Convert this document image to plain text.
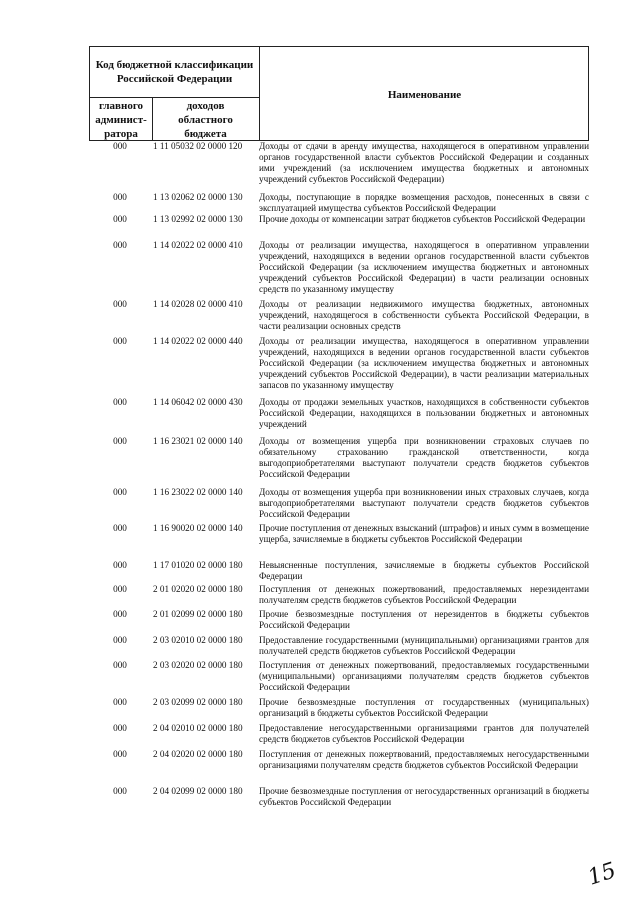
Код бюджетной классификации Российской Федерации
главного админист-ратора
доходов областного бюджета
Наименование
000	1 11 05032 02 0000 120	Доходы от сдачи в аренду имущества, находящегося в оперативном управлении органов государственной власти субъектов Российской Федерации и созданных ими учреждений (за исключением имущества бюджетных и автономных учреждений субъектов Российской Федерации)
000	1 13 02062 02 0000 130	Доходы, поступающие в порядке возмещения расходов, понесенных в связи с эксплуатацией имущества субъектов Российской Федерации
000	1 13 02992 02 0000 130	Прочие доходы от компенсации затрат бюджетов субъектов Российской Федерации
000	1 14 02022 02 0000 410	Доходы от реализации имущества, находящегося в оперативном управлении учреждений, находящихся в ведении органов государственной власти субъектов Российской Федерации (за исключением имущества бюджетных и автономных учреждений субъектов Российской Федерации) в части реализации основных средств по указанному имуществу
000	1 14 02028 02 0000 410	Доходы от реализации недвижимого имущества бюджетных, автономных учреждений, находящегося в собственности субъекта Российской Федерации, в части реализации основных средств
000	1 14 02022 02 0000 440	Доходы от реализации имущества, находящегося в оперативном управлении учреждений, находящихся в ведении органов государственной власти субъектов Российской Федерации (за исключением имущества бюджетных и автономных учреждений субъектов Российской Федерации), в части реализации материальных запасов по указанному имуществу
000	1 14 06042 02 0000 430	Доходы от продажи земельных участков, находящихся в собственности субъектов Российской Федерации, находящихся в пользовании бюджетных и автономных учреждений
000	1 16 23021 02 0000 140	Доходы от возмещения ущерба при возникновении страховых случаев по обязательному страхованию гражданской ответственности, когда выгодоприобретателями выступают получатели средств бюджетов субъектов Российской Федерации
000	1 16 23022 02 0000 140	Доходы от возмещения ущерба при возникновении иных страховых случаев, когда выгодоприобретателями выступают получатели средств бюджетов субъектов Российской Федерации
000	1 16 90020 02 0000 140	Прочие поступления от денежных взысканий (штрафов) и иных сумм в возмещение ущерба, зачисляемые в бюджеты субъектов Российской Федерации
000	1 17 01020 02 0000 180	Невыясненные поступления, зачисляемые в бюджеты субъектов Российской Федерации
000	2 01 02020 02 0000 180	Поступления от денежных пожертвований, предоставляемых нерезидентами получателям средств бюджетов субъектов Российской Федерации
000	2 01 02099 02 0000 180	Прочие безвозмездные поступления от нерезидентов в бюджеты субъектов Российской Федерации
000	2 03 02010 02 0000 180	Предоставление государственными (муниципальными) организациями грантов для получателей средств бюджетов субъектов Российской Федерации
000	2 03 02020 02 0000 180	Поступления от денежных пожертвований, предоставляемых государственными (муниципальными) организациями получателям средств бюджетов субъектов Российской Федерации
000	2 03 02099 02 0000 180	Прочие безвозмездные поступления от государственных (муниципальных) организаций в бюджеты субъектов Российской Федерации
000	2 04 02010 02 0000 180	Предоставление негосударственными организациями грантов для получателей средств бюджетов субъектов Российской Федерации
000	2 04 02020 02 0000 180	Поступления от денежных пожертвований, предоставляемых негосударственными организациями получателям средств бюджетов субъектов Российской Федерации
000	2 04 02099 02 0000 180	Прочие безвозмездные поступления от негосударственных организаций в бюджеты субъектов Российской Федерации
15
